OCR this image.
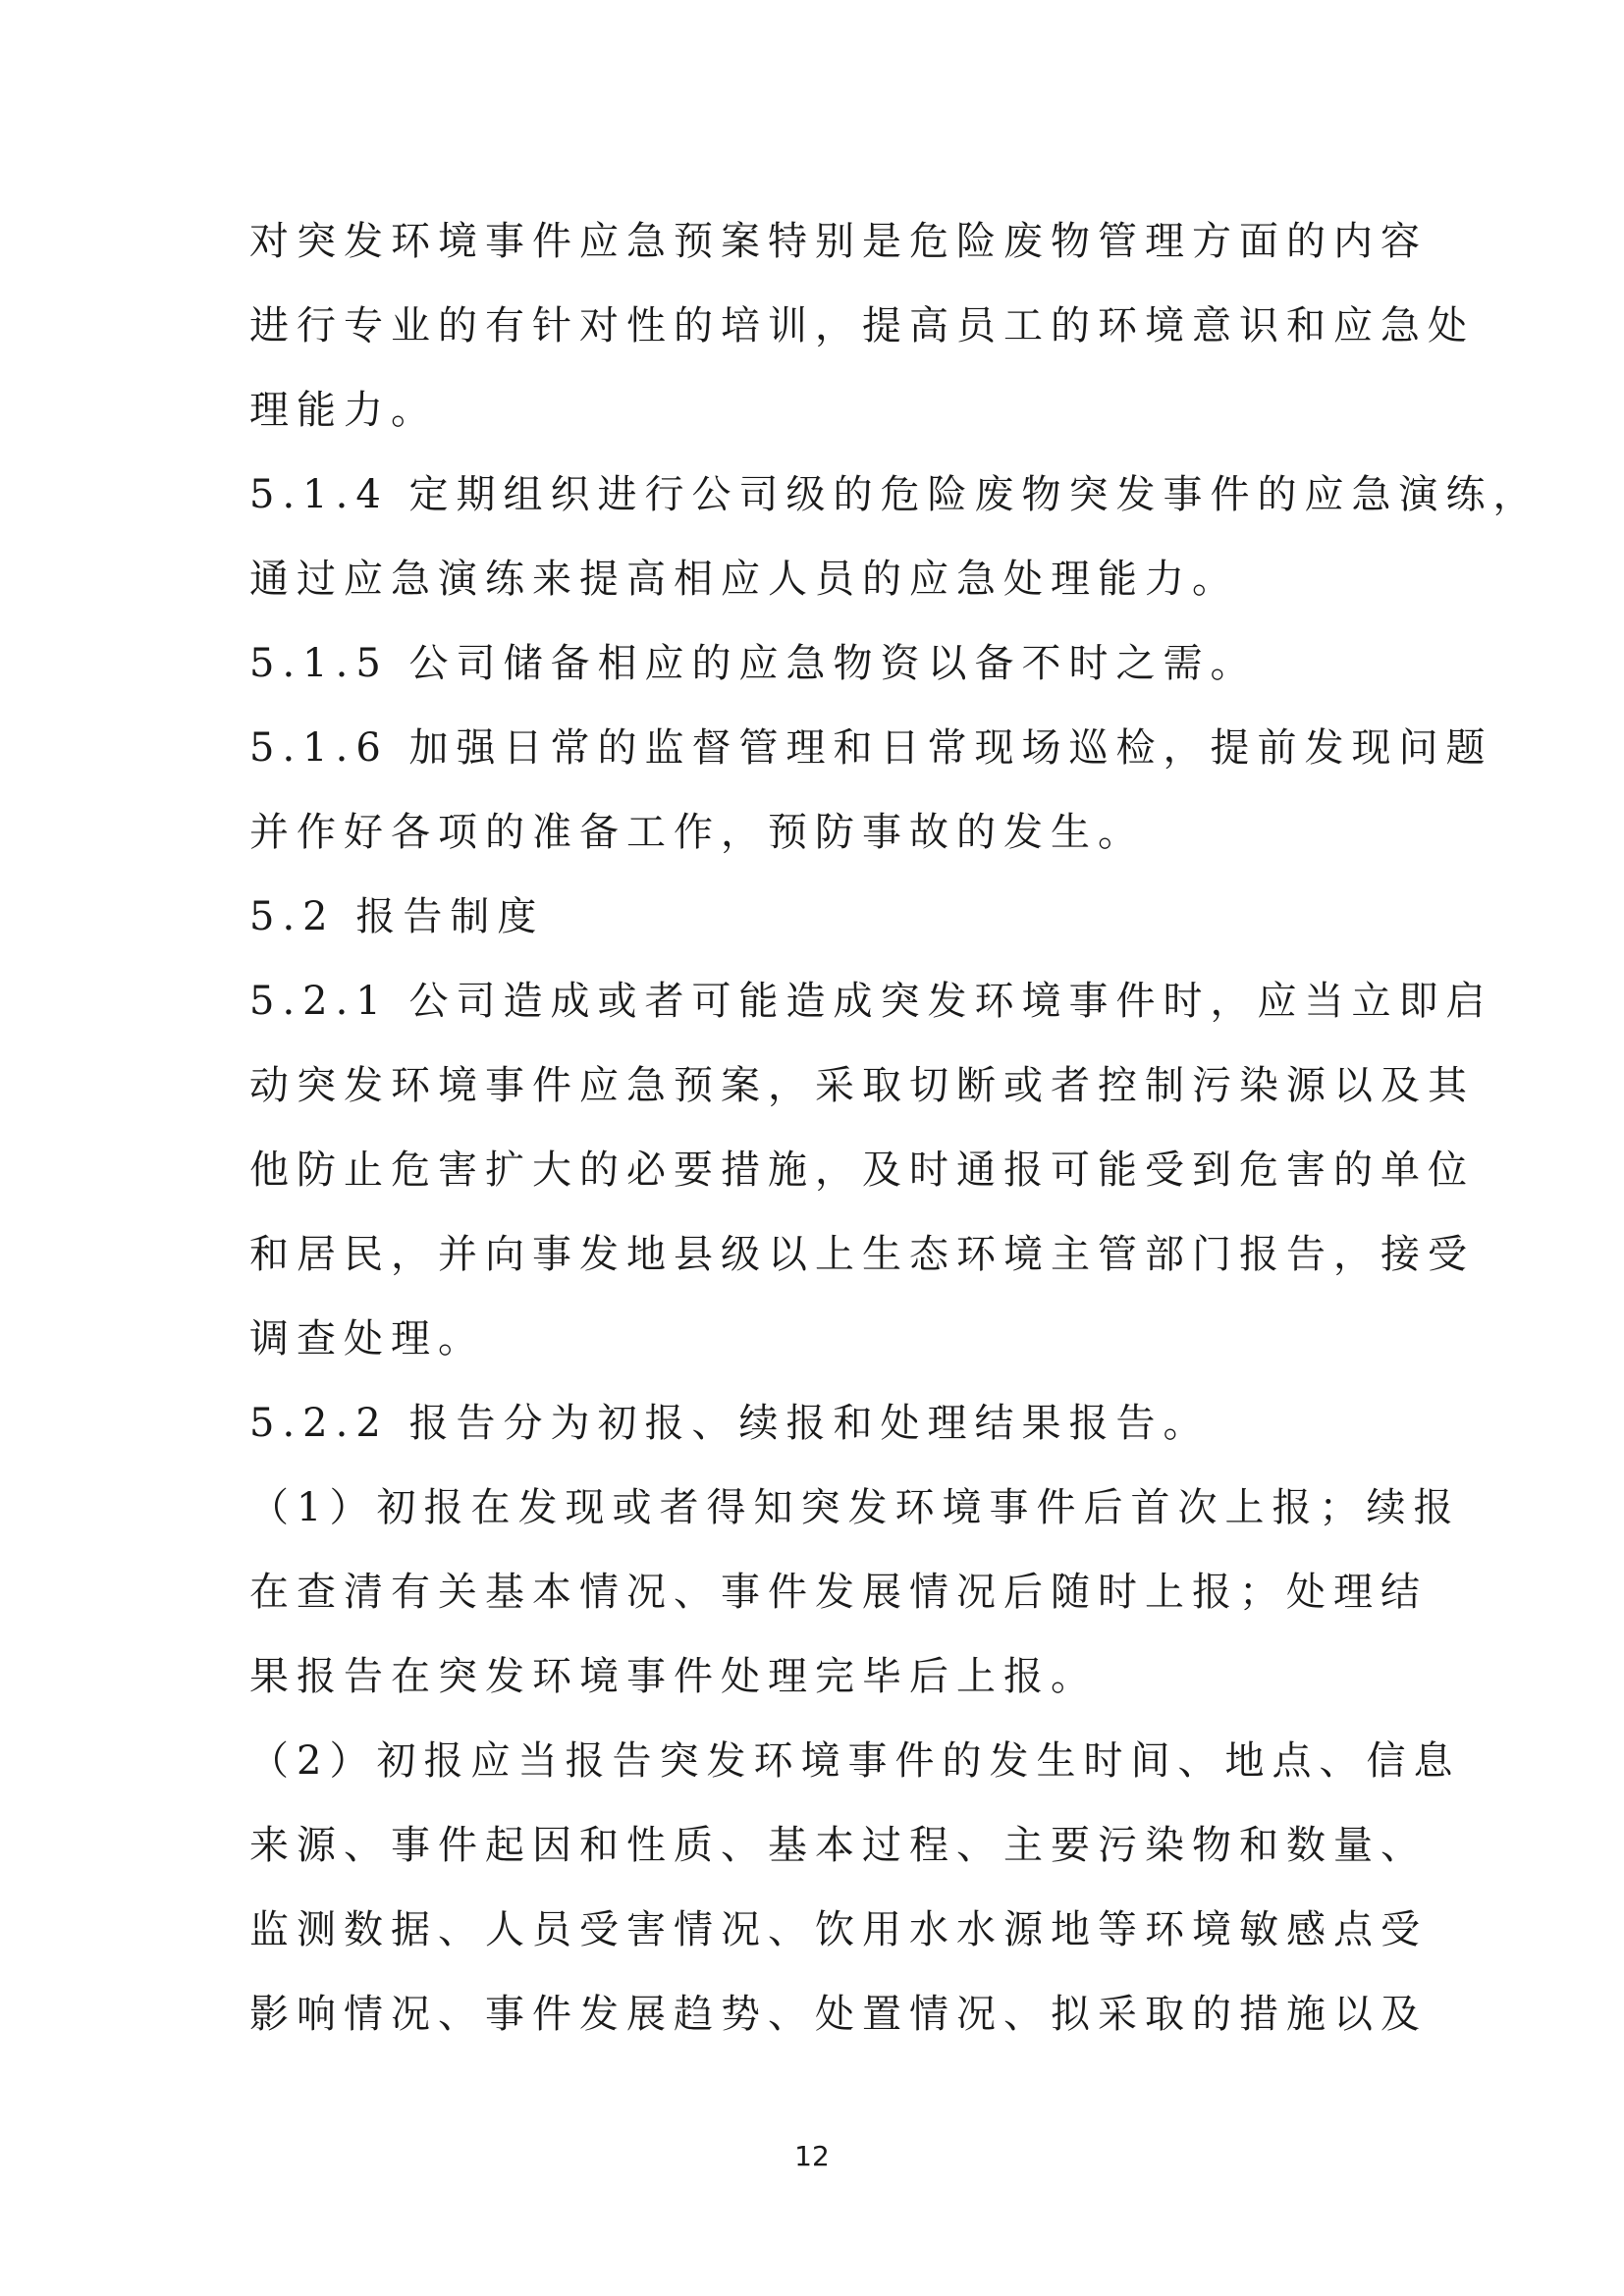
对突发环境事件应急预案特别是危险废物管理方面的内容
进行专业的有针对性的培训，提高员工的环境意识和应急处
理能力。
5.1.4 定期组织进行公司级的危险废物突发事件的应急演练，
通过应急演练来提高相应人员的应急处理能力。
5.1.5 公司储备相应的应急物资以备不时之需。
5.1.6 加强日常的监督管理和日常现场巡检，提前发现问题
并作好各项的准备工作，预防事故的发生。
5.2 报告制度
5.2.1 公司造成或者可能造成突发环境事件时，应当立即启
动突发环境事件应急预案，采取切断或者控制污染源以及其
他防止危害扩大的必要措施，及时通报可能受到危害的单位
和居民，并向事发地县级以上生态环境主管部门报告，接受
调查处理。
5.2.2 报告分为初报、续报和处理结果报告。
（1）初报在发现或者得知突发环境事件后首次上报；续报
在查清有关基本情况、事件发展情况后随时上报；处理结
果报告在突发环境事件处理完毕后上报。
（2）初报应当报告突发环境事件的发生时间、地点、信息
来源、事件起因和性质、基本过程、主要污染物和数量、
监测数据、人员受害情况、饮用水水源地等环境敏感点受
影响情况、事件发展趋势、处置情况、拟采取的措施以及
12
